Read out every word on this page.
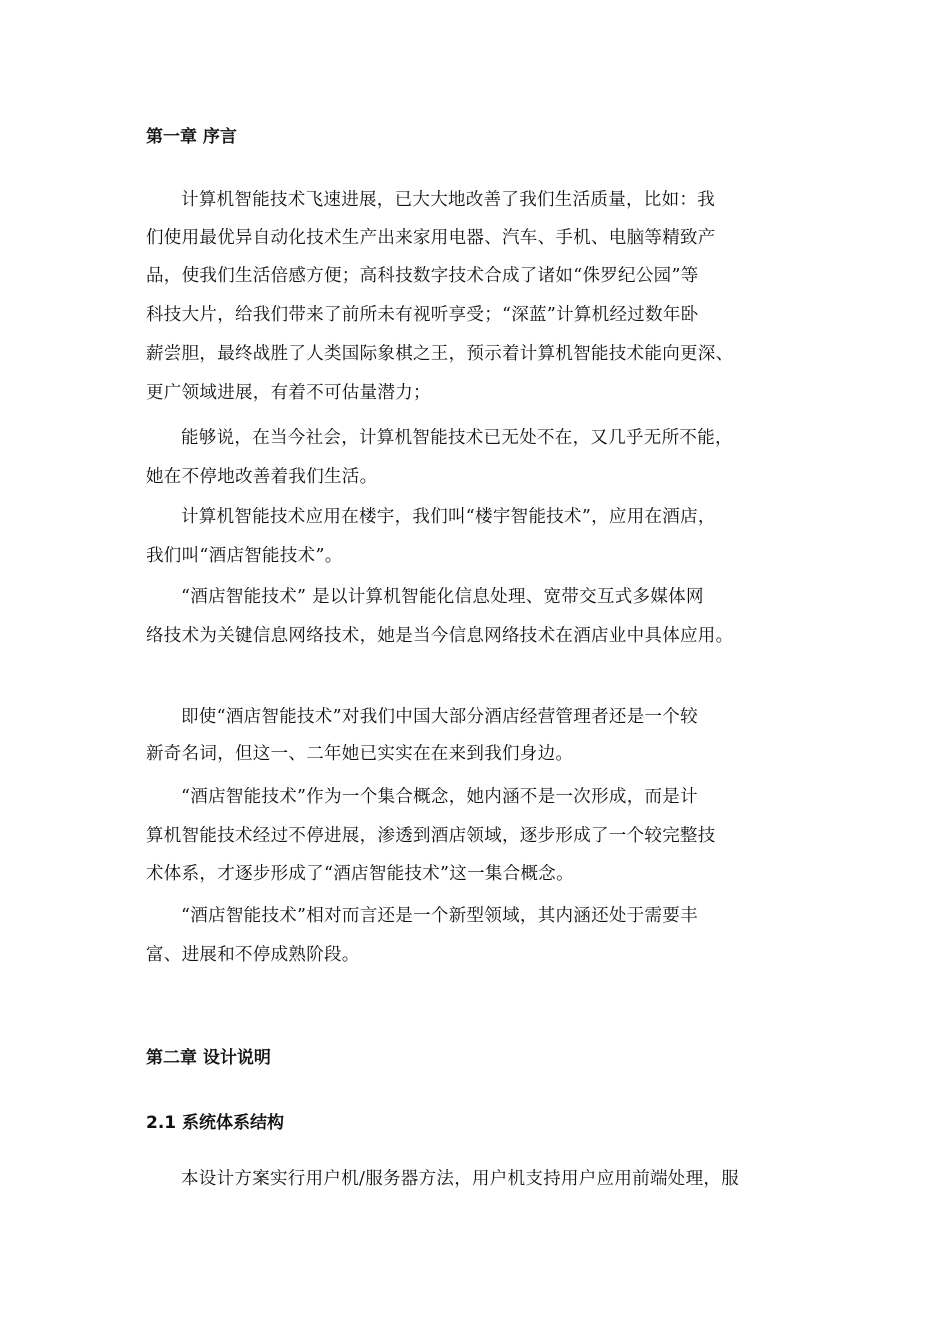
第一章 序言
计算机智能技术飞速进展，已大大地改善了我们生活质量，比如：我
们使用最优异自动化技术生产出来家用电器、汽车、手机、电脑等精致产
品，使我们生活倍感方便；高科技数字技术合成了诸如“侏罗纪公园”等
科技大片，给我们带来了前所未有视听享受；“深蓝”计算机经过数年卧
薪尝胆，最终战胜了人类国际象棋之王，预示着计算机智能技术能向更深、
更广领域进展，有着不可估量潜力；
能够说，在当今社会，计算机智能技术已无处不在，又几乎无所不能，
她在不停地改善着我们生活。
计算机智能技术应用在楼宇，我们叫“楼宇智能技术”，应用在酒店，
我们叫“酒店智能技术”。
“酒店智能技术” 是以计算机智能化信息处理、宽带交互式多媒体网
络技术为关键信息网络技术，她是当今信息网络技术在酒店业中具体应用。
即使“酒店智能技术”对我们中国大部分酒店经营管理者还是一个较
新奇名词，但这一、二年她已实实在在来到我们身边。
“酒店智能技术”作为一个集合概念，她内涵不是一次形成，而是计
算机智能技术经过不停进展，渗透到酒店领域，逐步形成了一个较完整技
术体系，才逐步形成了“酒店智能技术”这一集合概念。
“酒店智能技术”相对而言还是一个新型领域，其内涵还处于需要丰
富、进展和不停成熟阶段。
第二章 设计说明
2.1 系统体系结构
本设计方案实行用户机/服务器方法，用户机支持用户应用前端处理，服
